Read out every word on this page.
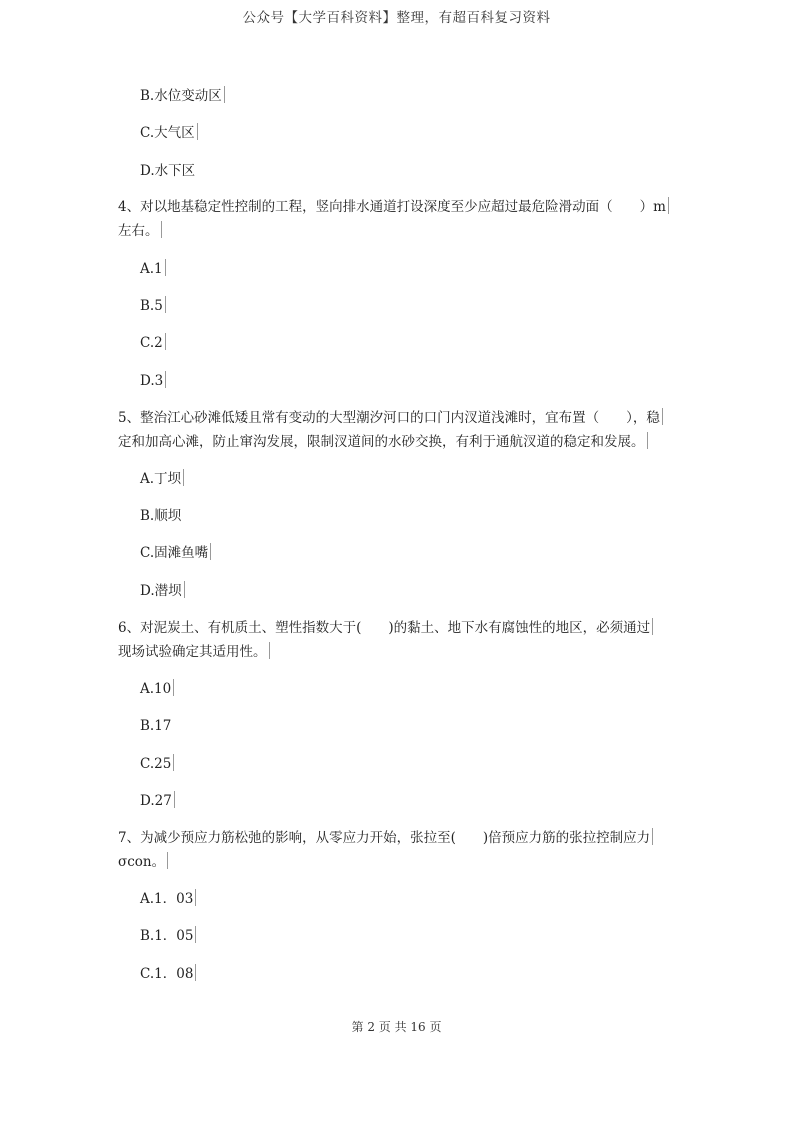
公众号【大学百科资料】整理，有超百科复习资料
B.水位变动区
C.大气区
D.水下区
4、对以地基稳定性控制的工程，竖向排水通道打设深度至少应超过最危险滑动面（　　）m
左右。
A.1
B.5
C.2
D.3
5、整治江心砂滩低矮且常有变动的大型潮汐河口的口门内汊道浅滩时，宜布置（　　），稳
定和加高心滩，防止窜沟发展，限制汊道间的水砂交换，有利于通航汊道的稳定和发展。
A.丁坝
B.顺坝
C.固滩鱼嘴
D.潜坝
6、对泥炭土、有机质土、塑性指数大于(　　)的黏土、地下水有腐蚀性的地区，必须通过
现场试验确定其适用性。
A.10
B.17
C.25
D.27
7、为减少预应力筋松弛的影响，从零应力开始，张拉至(　　)倍预应力筋的张拉控制应力
σcon。
A.1．03
B.1．05
C.1．08
第 2 页 共 16 页
